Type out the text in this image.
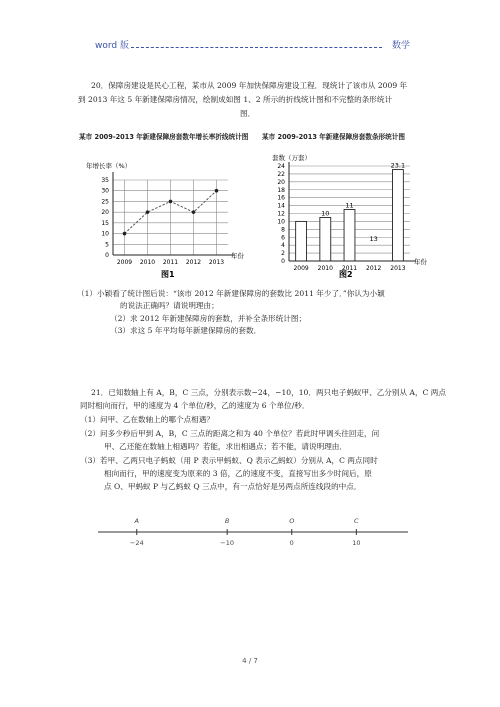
word 版	数学
20．保障房建设是民心工程，某市从 2009 年加快保障房建设工程．现统计了该市从 2009 年
到 2013 年这 5 年新建保障房情况，绘制成如图 1、2 所示的折线统计图和不完整的条形统计
图．
某市 2009-2013 年新建保障房套数年增长率折线统计图 某市 2009-2013 年新建保障房套数条形统计图
年增长率（%）
年份
图1
0
5
10
15
20
25
30
35
2009 2010 2011 2012 2013
套数（万套）
年份
图2
0
2
4
6
8
10
12
14
16
18
20
22
24
2009
10
2010
11
2011
13
2012
23.1
2013
（1）小颖看了统计图后说：“该市 2012 年新建保障房的套数比 2011 年少了．”你认为小颖
的说法正确吗？请说明理由；
（2）求 2012 年新建保障房的套数，并补全条形统计图；
（3）求这 5 年平均每年新建保障房的套数．
21．已知数轴上有 A，B，C 三点，分别表示数−24，−10，10．两只电子蚂蚁甲、乙分别从 A，C 两点
同时相向而行，甲的速度为 4 个单位/秒，乙的速度为 6 个单位/秒．
（1）问甲、乙在数轴上的哪个点相遇？
（2）问多少秒后甲到 A，B，C 三点的距离之和为 40 个单位？若此时甲调头往回走，问
甲、乙还能在数轴上相遇吗？若能，求出相遇点；若不能，请说明理由．
（3）若甲、乙两只电子蚂蚁（用 P 表示甲蚂蚁、Q 表示乙蚂蚁）分别从 A，C 两点同时
相向而行，甲的速度变为原来的 3 倍，乙的速度不变，直接写出多少时间后，原
点 O、甲蚂蚁 P 与乙蚂蚁 Q 三点中，有一点恰好是另两点所连线段的中点．
A
−24
B
−10
O
0
C
10
4 / 7
